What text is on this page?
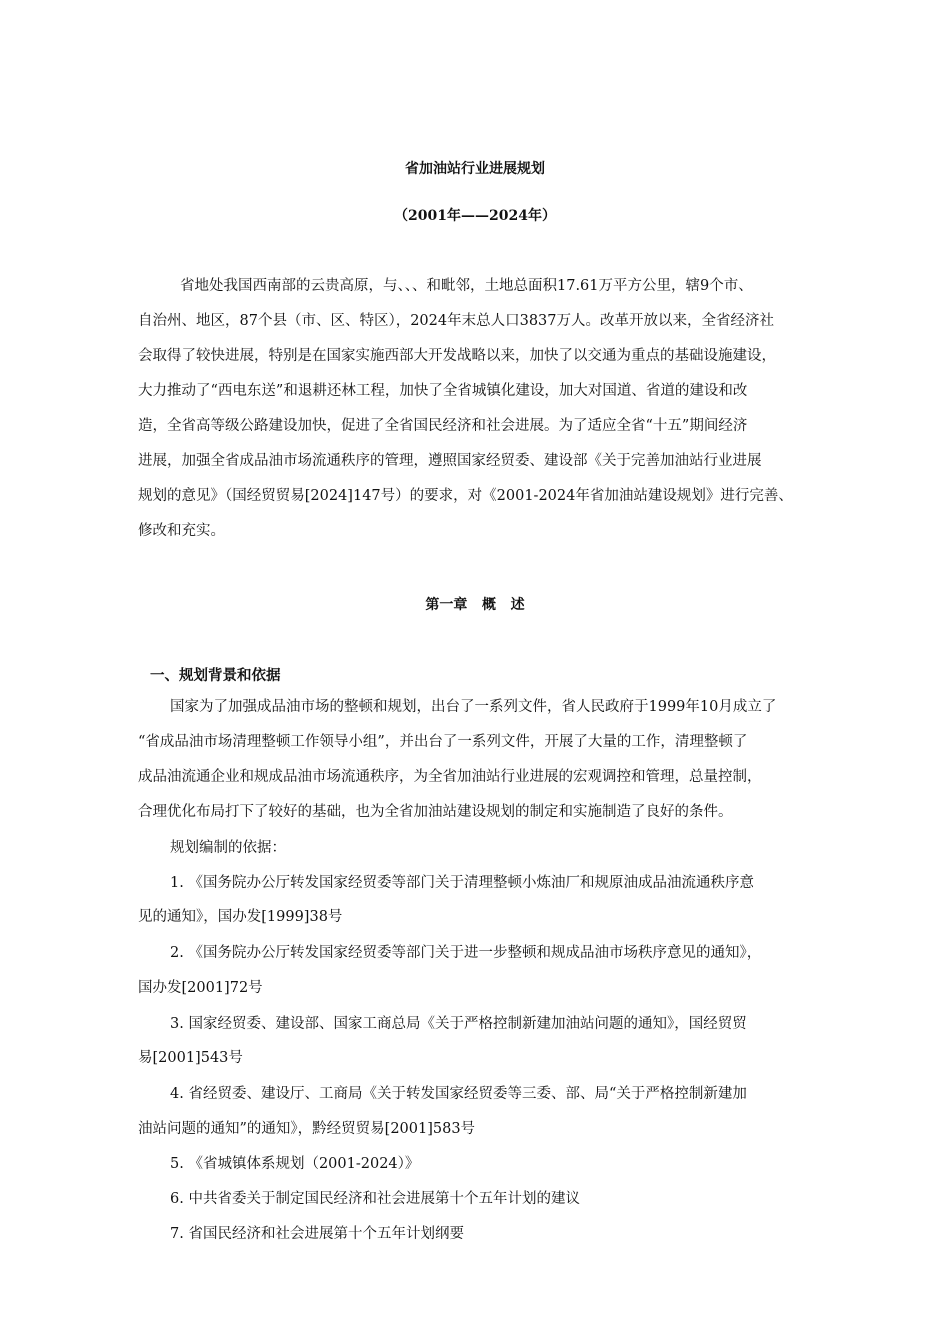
省加油站行业进展规划
（2001年——2024年）
省地处我国西南部的云贵高原，与、、、和毗邻，土地总面积17.61万平方公里，辖9个市、
自治州、地区，87个县（市、区、特区），2024年末总人口3837万人。改革开放以来，全省经济社
会取得了较快进展，特别是在国家实施西部大开发战略以来，加快了以交通为重点的基础设施建设，
大力推动了“西电东送”和退耕还林工程，加快了全省城镇化建设，加大对国道、省道的建设和改
造，全省高等级公路建设加快，促进了全省国民经济和社会进展。为了适应全省“十五”期间经济
进展，加强全省成品油市场流通秩序的管理，遵照国家经贸委、建设部《关于完善加油站行业进展
规划的意见》（国经贸贸易[2024]147号）的要求，对《2001-2024年省加油站建设规划》进行完善、
修改和充实。
第一章   概   述
一、规划背景和依据
国家为了加强成品油市场的整顿和规划，出台了一系列文件，省人民政府于1999年10月成立了
“省成品油市场清理整顿工作领导小组”，并出台了一系列文件，开展了大量的工作，清理整顿了
成品油流通企业和规成品油市场流通秩序，为全省加油站行业进展的宏观调控和管理，总量控制，
合理优化布局打下了较好的基础，也为全省加油站建设规划的制定和实施制造了良好的条件。
规划编制的依据：
1. 《国务院办公厅转发国家经贸委等部门关于清理整顿小炼油厂和规原油成品油流通秩序意
见的通知》，国办发[1999]38号
2. 《国务院办公厅转发国家经贸委等部门关于进一步整顿和规成品油市场秩序意见的通知》，
国办发[2001]72号
3. 国家经贸委、建设部、国家工商总局《关于严格控制新建加油站问题的通知》，国经贸贸
易[2001]543号
4. 省经贸委、建设厅、工商局《关于转发国家经贸委等三委、部、局“关于严格控制新建加
油站问题的通知”的通知》，黔经贸贸易[2001]583号
5. 《省城镇体系规划（2001-2024）》
6. 中共省委关于制定国民经济和社会进展第十个五年计划的建议
7. 省国民经济和社会进展第十个五年计划纲要
